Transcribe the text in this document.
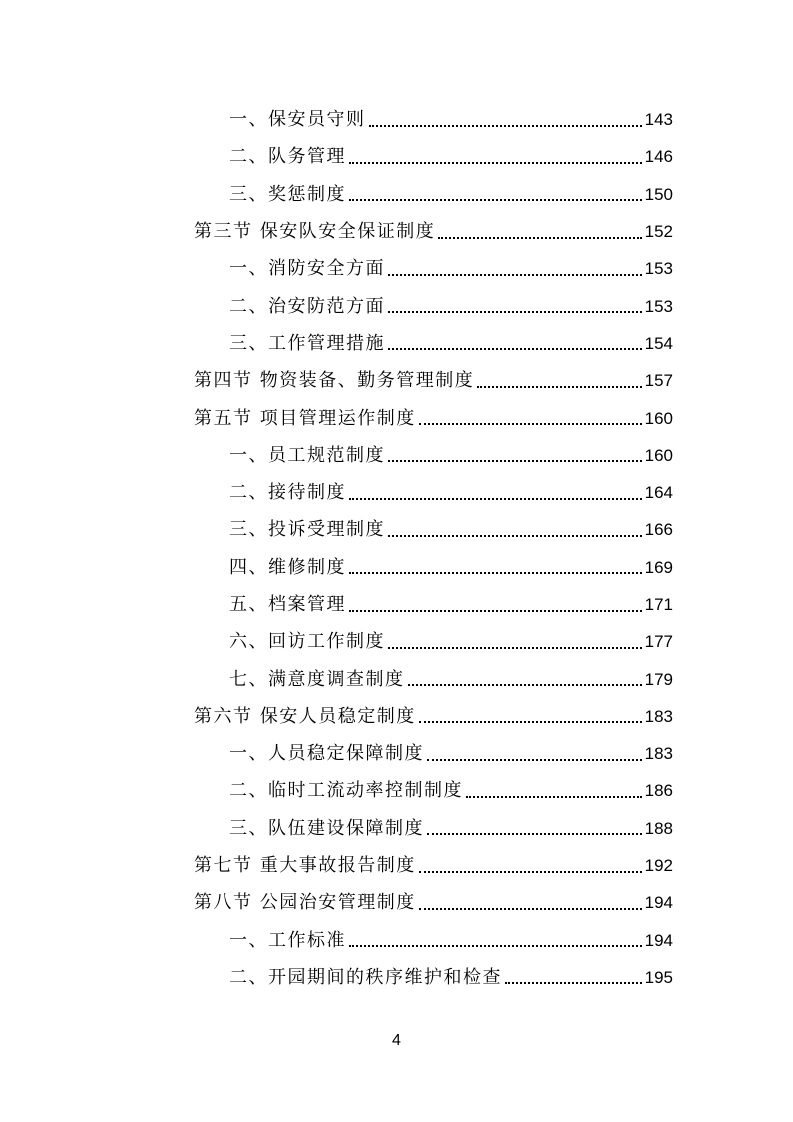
一、保安员守则	143
二、队务管理	146
三、奖惩制度	150
第三节 保安队安全保证制度	152
一、消防安全方面	153
二、治安防范方面	153
三、工作管理措施	154
第四节 物资装备、勤务管理制度	157
第五节 项目管理运作制度	160
一、员工规范制度	160
二、接待制度	164
三、投诉受理制度	166
四、维修制度	169
五、档案管理	171
六、回访工作制度	177
七、满意度调查制度	179
第六节 保安人员稳定制度	183
一、人员稳定保障制度	183
二、临时工流动率控制制度	186
三、队伍建设保障制度	188
第七节 重大事故报告制度	192
第八节 公园治安管理制度	194
一、工作标准	194
二、开园期间的秩序维护和检查	195
4
